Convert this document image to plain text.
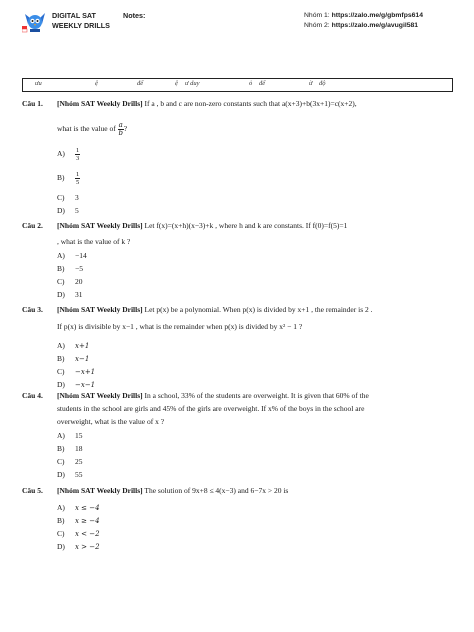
DIGITAL SAT
WEEKLY DRILLS
Notes:	Nhóm 1: https://zalo.me/g/gbmfps614
Nhóm 2: https://zalo.me/g/avugil581
ưu	ệ	để	ệ ư duy	ỏ để	ừ độ
Câu 1. [Nhóm SAT Weekly Drills] If a , b and c are non-zero constants such that a(x+3)+b(3x+1)=c(x+2),
what is the value of $\frac{a}{b}$ ?
$A) \frac{1}{3}$
$B) \frac{1}{5}$
C) 3
D) 5
Câu 2. [Nhóm SAT Weekly Drills] Let f(x)=(x+h)(x−3)+k , where h and k are constants. If f(0)=f(5)=1
, what is the value of k ?
A) −14
B) −5
C) 20
D) 31
Câu 3. [Nhóm SAT Weekly Drills] Let p(x) be a polynomial. When p(x) is divided by x+1 , the remainder is 2 .
If p(x) is divisible by x−1 , what is the remainder when p(x) is divided by x² − 1 ?
A) x+1
B) x−1
C) −x+1
D) −x−1
Câu 4. [Nhóm SAT Weekly Drills] In a school, 33% of the students are overweight. It is given that 60% of the
students in the school are girls and 45% of the girls are overweight. If x% of the boys in the school are
overweight, what is the value of x ?
A) 15
B) 18
C) 25
D) 55
Câu 5. [Nhóm SAT Weekly Drills] The solution of 9x+8 ≤ 4(x−3) and 6−7x > 20 is
A) x ≤ −4
B) x ≥ −4
C) x < −2
D) x > −2
